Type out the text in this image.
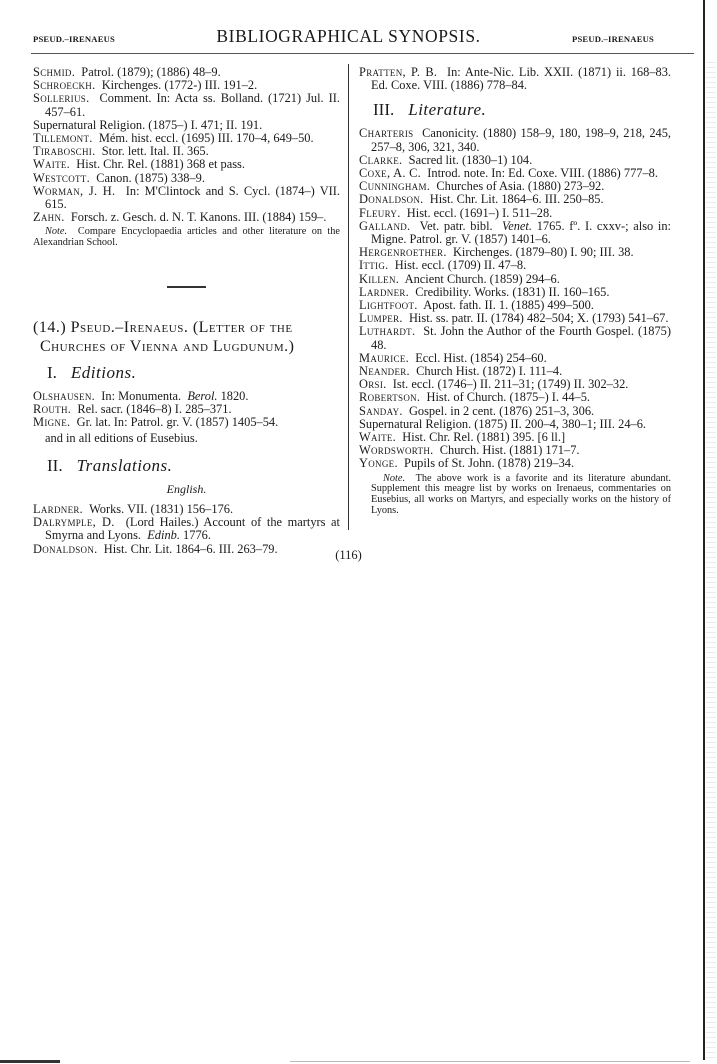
PSEUD.–IRENAEUS	BIBLIOGRAPHICAL SYNOPSIS.	PSEUD.–IRENAEUS

Schmid. Patrol. (1879); (1886) 48–9.

Schroeckh. Kirchenges. (1772-) III. 191–2.

Sollerius. Comment. In: Acta ss. Bolland. (1721) Jul. II. 457–61.

Supernatural Religion. (1875–) I. 471; II. 191.

Tillemont. Mém. hist. eccl. (1695) III. 170–4, 649–50.

Tiraboschi. Stor. lett. Ital. II. 365.

Waite. Hist. Chr. Rel. (1881) 368 et pass.

Westcott. Canon. (1875) 338–9.

Worman, J. H. In: M'Clintock and S. Cycl. (1874–) VII. 615.

Zahn. Forsch. z. Gesch. d. N. T. Kanons. III. (1884) 159–.

Note. Compare Encyclopaedia articles and other literature on the Alexandrian School.

(14.) Pseud.–Irenaeus. (Letter of the
Churches of Vienna and Lugdunum.)
I. Editions.

Olshausen. In: Monumenta. Berol. 1820.

Routh. Rel. sacr. (1846–8) I. 285–371.

Migne. Gr. lat. In: Patrol. gr. V. (1857) 1405–54.

and in all editions of Eusebius.

II. Translations.
English.

Lardner. Works. VII. (1831) 156–176.

Dalrymple, D. (Lord Hailes.) Account of the martyrs at Smyrna and Lyons. Edinb. 1776.

Donaldson. Hist. Chr. Lit. 1864–6. III. 263–79.

Pratten, P. B. In: Ante-Nic. Lib. XXII. (1871) ii. 168–83. Ed. Coxe. VIII. (1886) 778–84.

III. Literature.

Charteris Canonicity. (1880) 158–9, 180, 198–9, 218, 245, 257–8, 306, 321, 340.

Clarke. Sacred lit. (1830–1) 104.

Coxe, A. C. Introd. note. In: Ed. Coxe. VIII. (1886) 777–8.

Cunningham. Churches of Asia. (1880) 273–92.

Donaldson. Hist. Chr. Lit. 1864–6. III. 250–85.

Fleury. Hist. eccl. (1691–) I. 511–28.

Galland. Vet. patr. bibl. Venet. 1765. fº. I. cxxv-; also in: Migne. Patrol. gr. V. (1857) 1401–6.

Hergenroether. Kirchenges. (1879–80) I. 90; III. 38.

Ittig. Hist. eccl. (1709) II. 47–8.

Killen. Ancient Church. (1859) 294–6.

Lardner. Credibility. Works. (1831) II. 160–165.

Lightfoot. Apost. fath. II. 1. (1885) 499–500.

Lumper. Hist. ss. patr. II. (1784) 482–504; X. (1793) 541–67.

Luthardt. St. John the Author of the Fourth Gospel. (1875) 48.

Maurice. Eccl. Hist. (1854) 254–60.

Neander. Church Hist. (1872) I. 111–4.

Orsi. Ist. eccl. (1746–) II. 211–31; (1749) II. 302–32.

Robertson. Hist. of Church. (1875–) I. 44–5.

Sanday. Gospel. in 2 cent. (1876) 251–3, 306.

Supernatural Religion. (1875) II. 200–4, 380–1; III. 24–6.

Waite. Hist. Chr. Rel. (1881) 395. [6 ll.]

Wordsworth. Church. Hist. (1881) 171–7.

Yonge. Pupils of St. John. (1878) 219–34.

Note. The above work is a favorite and its literature abundant. Supplement this meagre list by works on Irenaeus, commentaries on Eusebius, all works on Martyrs, and especially works on the history of Lyons.

(116)
